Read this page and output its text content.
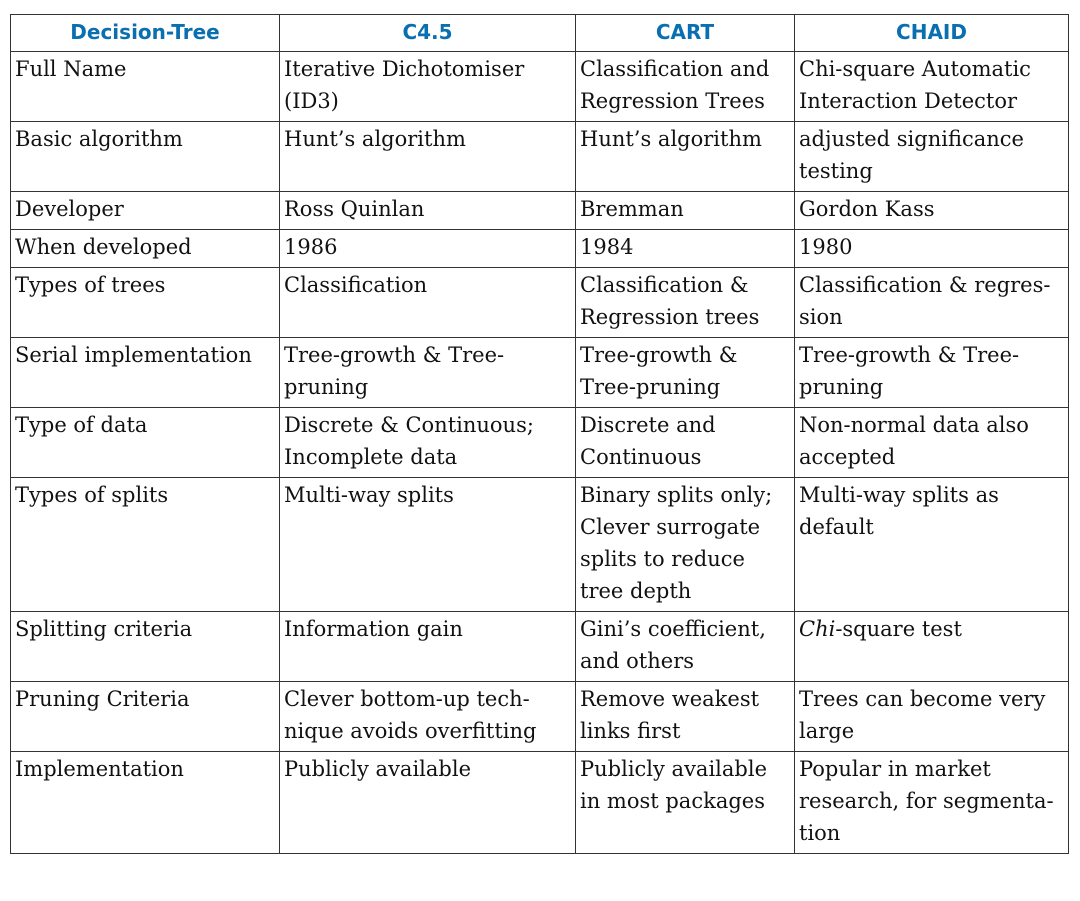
Decision-Tree	C4.5	CART	CHAID
Full Name	Iterative Dichotomiser (ID3)	Classification and Regression Trees	Chi-square Automatic Interaction Detector
Basic algorithm	Hunt’s algorithm	Hunt’s algorithm	adjusted significance testing
Developer	Ross Quinlan	Bremman	Gordon Kass
When developed	1986	1984	1980
Types of trees	Classification	Classification & Regression trees	Classification & regres-sion
Serial implementation	Tree-growth & Tree-pruning	Tree-growth & Tree-pruning	Tree-growth & Tree-pruning
Type of data	Discrete & Continuous; Incomplete data	Discrete and Continuous	Non-normal data also accepted
Types of splits	Multi-way splits	Binary splits only; Clever surrogate splits to reduce tree depth	Multi-way splits as default
Splitting criteria	Information gain	Gini’s coefficient, and others	Chi-square test
Pruning Criteria	Clever bottom-up tech-nique avoids overfitting	Remove weakest links first	Trees can become very large
Implementation	Publicly available	Publicly available in most packages	Popular in market research, for segmenta-tion
